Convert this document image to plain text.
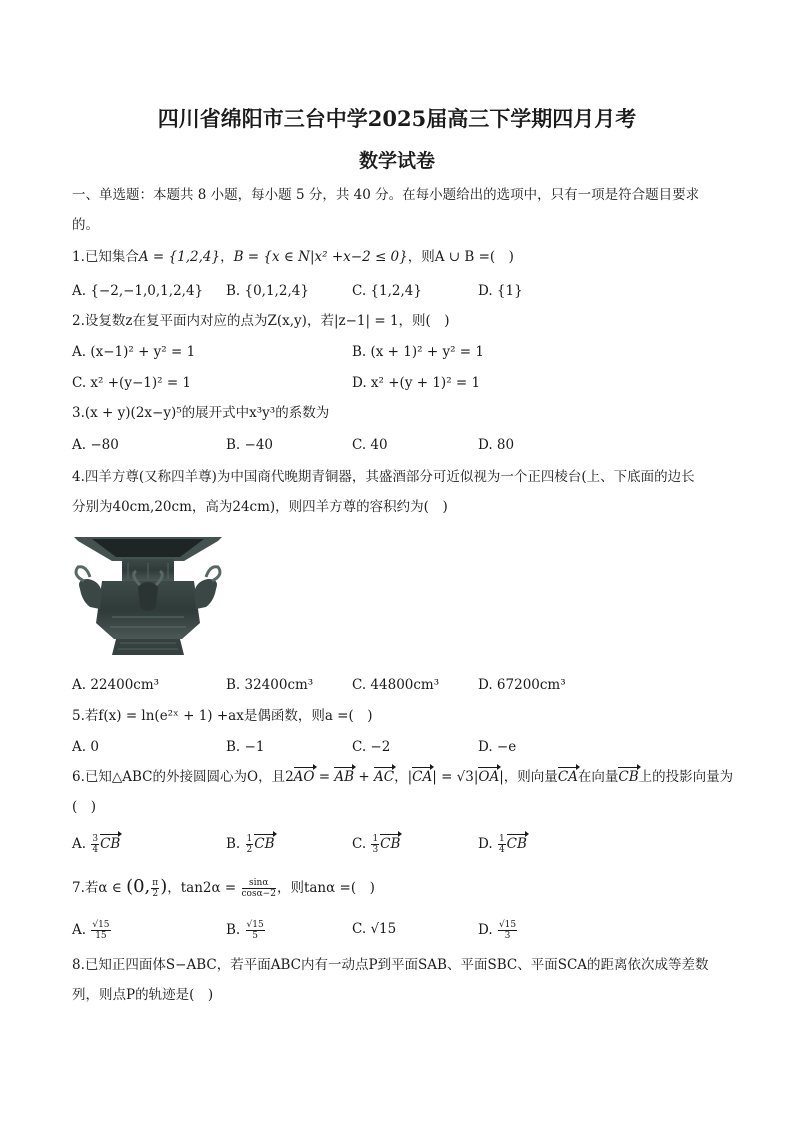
四川省绵阳市三台中学2025届高三下学期四月月考
数学试卷
一、单选题：本题共 8 小题，每小题 5 分，共 40 分。在每小题给出的选项中，只有一项是符合题目要求
的。
1.已知集合A = {1,2,4}，B = {x ∈ N|x² +x−2 ≤ 0}，则A ∪ B =(　)
A. {−2,−1,0,1,2,4} B. {0,1,2,4}	C. {1,2,4}	D. {1}
2.设复数z在复平面内对应的点为Z(x,y)，若|z−1| = 1，则(　)
A. (x−1)² + y² = 1	B. (x + 1)² + y² = 1
C. x² +(y−1)² = 1	D. x² +(y + 1)² = 1
3.(x + y)(2x−y)⁵的展开式中x³y³的系数为
A. −80	B. −40	C. 40	D. 80
4.四羊方尊(又称四羊尊)为中国商代晚期青铜器，其盛酒部分可近似视为一个正四棱台(上、下底面的边长
分别为40cm,20cm，高为24cm)，则四羊方尊的容积约为(　)
A. 22400cm³	B. 32400cm³	C. 44800cm³	D. 67200cm³
5.若f(x) = ln(e²ˣ + 1) +ax是偶函数，则a =(　)
A. 0	B. −1	C. −2	D. −e
6.已知△ABC的外接圆圆心为O，且2AO = AB + AC，|CA| = √3|OA|，则向量CA在向量CB上的投影向量为
(　)
A. $\frac{3}{4}$ CB	B. $\frac{1}{2}$ CB	C. $\frac{1}{3}$ CB	D. $\frac{1}{4}$ CB
7.若α ∈ (0, $\frac{\pi}{2}$ )，$\tan 2\alpha = \frac{\sin\alpha}{\cos\alpha-2}$ ，则tanα =(　)
A. $\frac{√15}{15}$	B. $\frac{√15}{5}$	C. √15	D. $\frac{√15}{3}$
8.已知正四面体S−ABC，若平面ABC内有一动点P到平面SAB、平面SBC、平面SCA的距离依次成等差数
列，则点P的轨迹是(　)
